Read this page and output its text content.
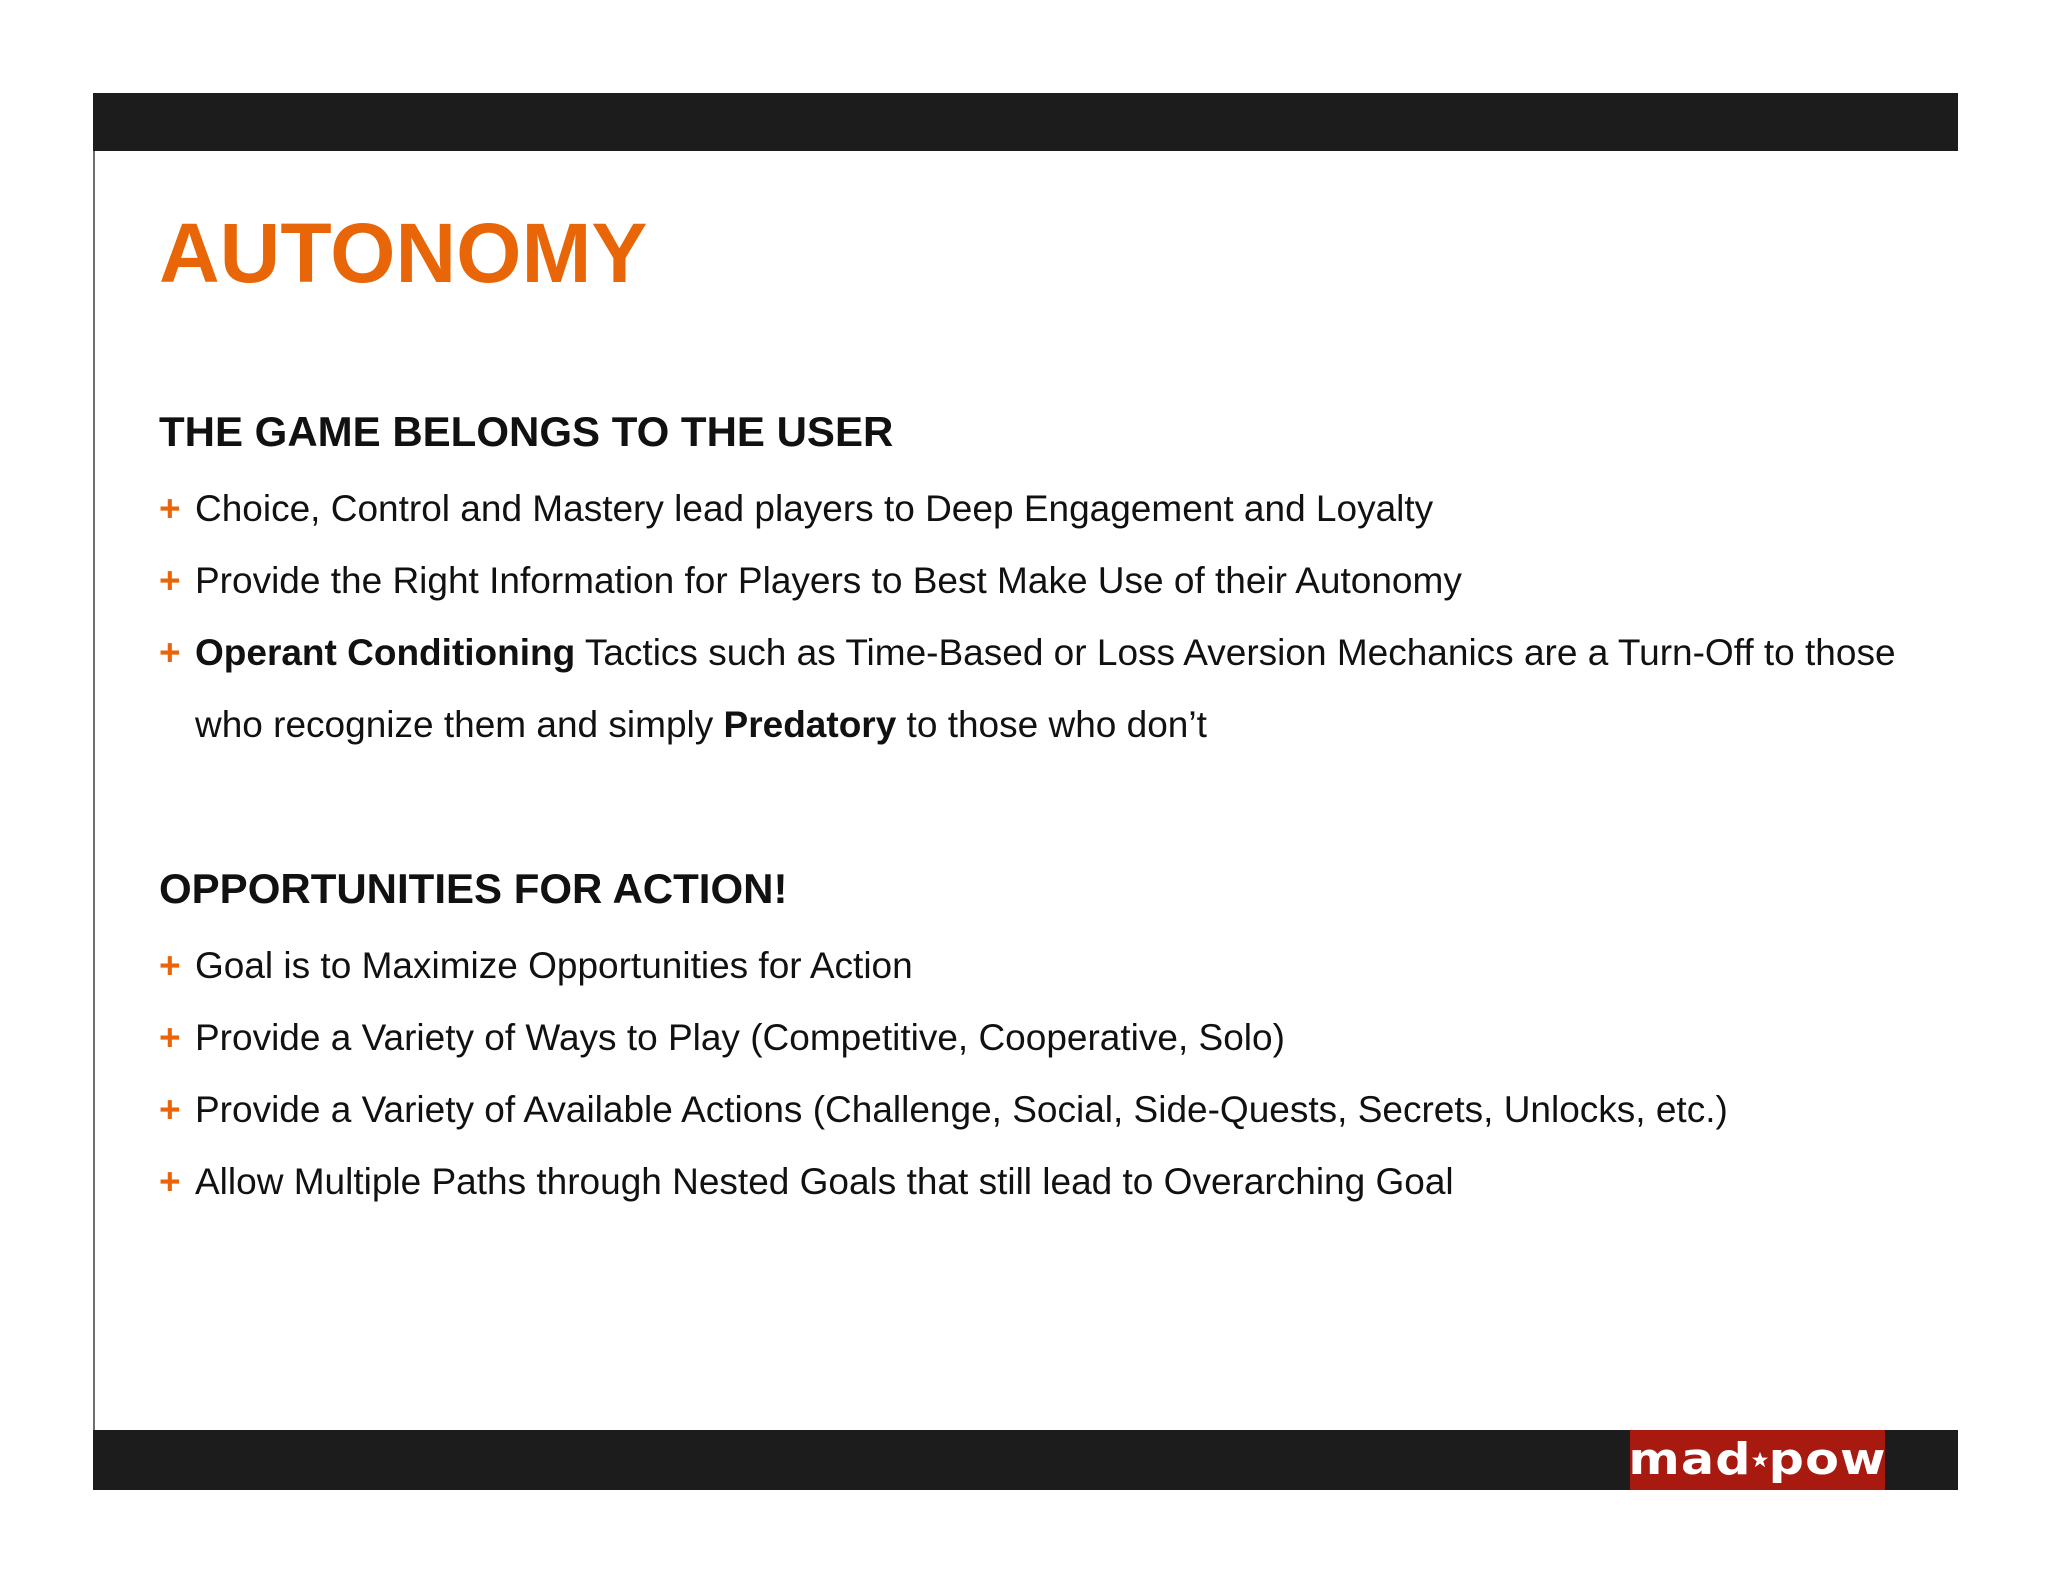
AUTONOMY
THE GAME BELONGS TO THE USER
+ Choice, Control and Mastery lead players to Deep Engagement and Loyalty
+ Provide the Right Information for Players to Best Make Use of their Autonomy
+ Operant Conditioning Tactics such as Time-Based or Loss Aversion Mechanics are a Turn-Off to those who recognize them and simply Predatory to those who don’t
OPPORTUNITIES FOR ACTION!
+ Goal is to Maximize Opportunities for Action
+ Provide a Variety of Ways to Play (Competitive, Cooperative, Solo)
+ Provide a Variety of Available Actions (Challenge, Social, Side-Quests, Secrets, Unlocks, etc.)
+ Allow Multiple Paths through Nested Goals that still lead to Overarching Goal
mad pow
